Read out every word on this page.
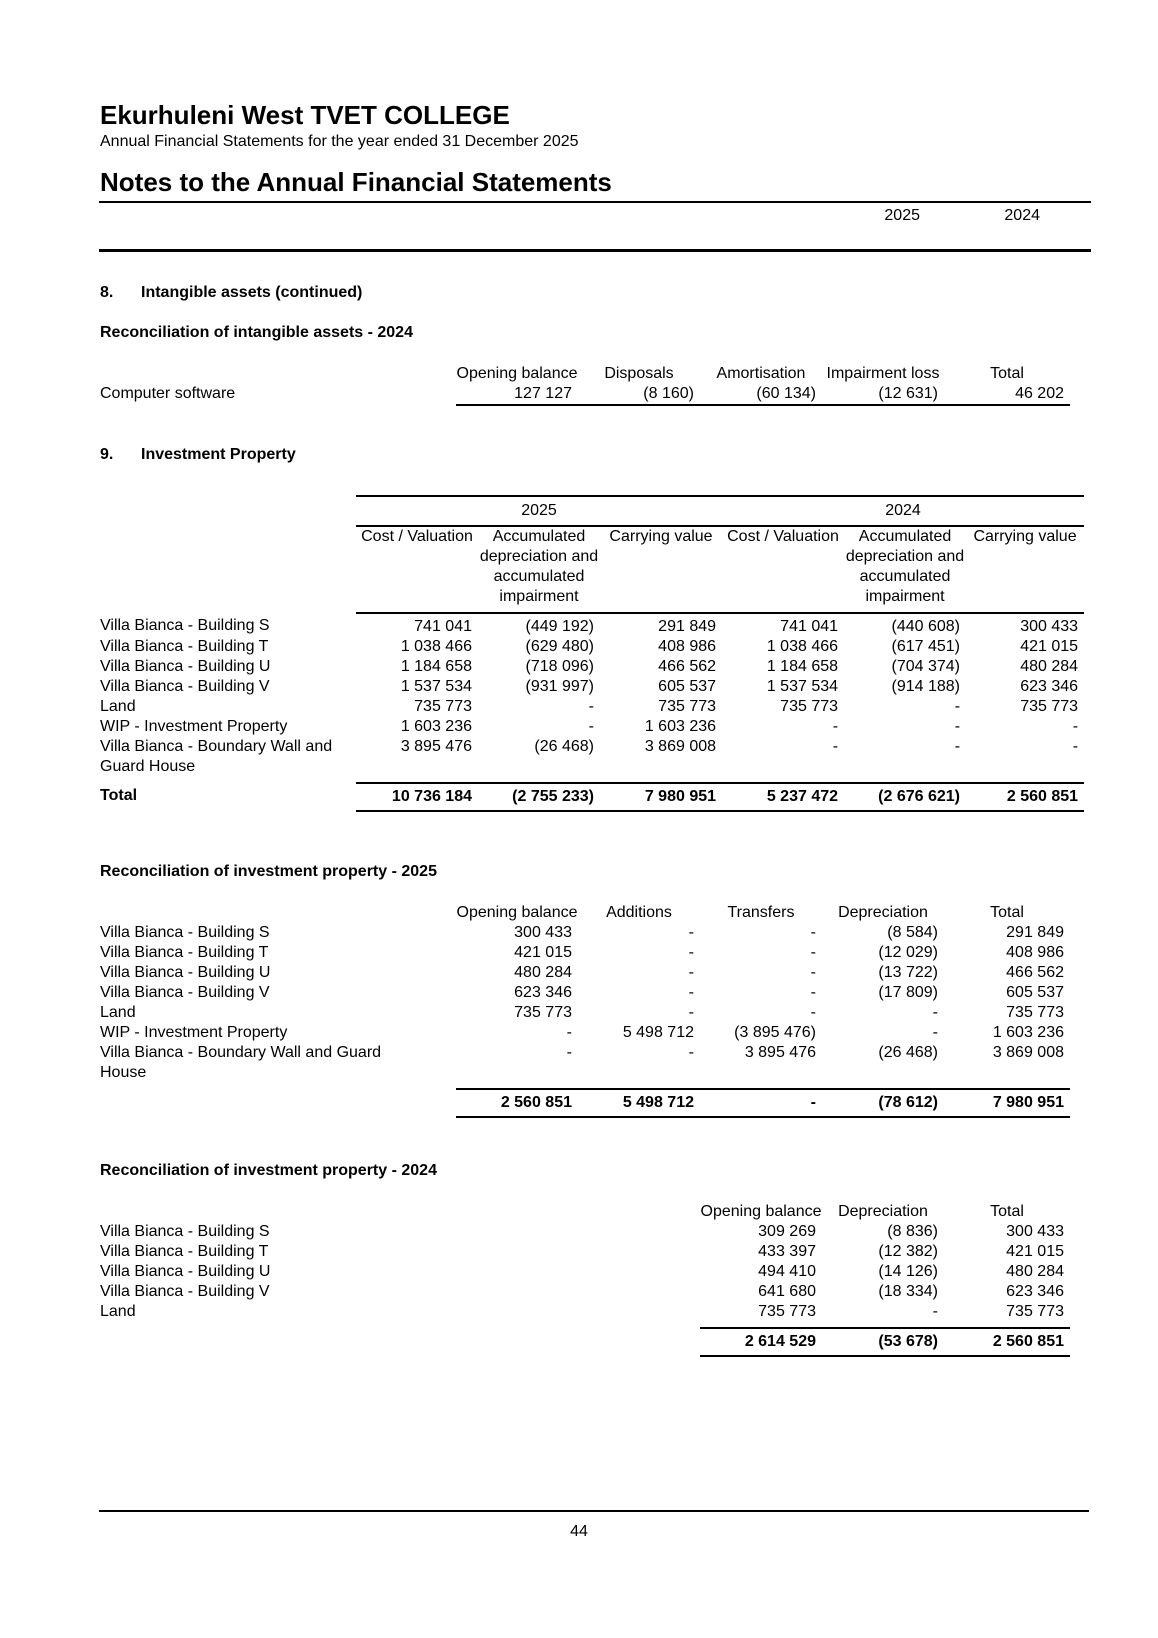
Ekurhuleni West TVET COLLEGE
Annual Financial Statements for the year ended 31 December 2025
Notes to the Annual Financial Statements
2025	2024
8. Intangible assets (continued)
Reconciliation of intangible assets - 2024
	Opening balance	Disposals	Amortisation	Impairment loss	Total
Computer software	127 127	(8 160)	(60 134)	(12 631)	46 202
9. Investment Property
	2025			2024		
	Cost / Valuation	Accumulated depreciation and accumulated impairment	Carrying value	Cost / Valuation	Accumulated depreciation and accumulated impairment	Carrying value
Villa Bianca - Building S	741 041	(449 192)	291 849	741 041	(440 608)	300 433
Villa Bianca - Building T	1 038 466	(629 480)	408 986	1 038 466	(617 451)	421 015
Villa Bianca - Building U	1 184 658	(718 096)	466 562	1 184 658	(704 374)	480 284
Villa Bianca - Building V	1 537 534	(931 997)	605 537	1 537 534	(914 188)	623 346
Land	735 773	-	735 773	735 773	-	735 773
WIP - Investment Property	1 603 236	-	1 603 236	-	-	-
Villa Bianca - Boundary Wall and Guard House	3 895 476	(26 468)	3 869 008	-	-	-
Total	10 736 184	(2 755 233)	7 980 951	5 237 472	(2 676 621)	2 560 851
Reconciliation of investment property - 2025
	Opening balance	Additions	Transfers	Depreciation	Total
Villa Bianca - Building S	300 433	-	-	(8 584)	291 849
Villa Bianca - Building T	421 015	-	-	(12 029)	408 986
Villa Bianca - Building U	480 284	-	-	(13 722)	466 562
Villa Bianca - Building V	623 346	-	-	(17 809)	605 537
Land	735 773	-	-	-	735 773
WIP - Investment Property	-	5 498 712	(3 895 476)	-	1 603 236
Villa Bianca - Boundary Wall and Guard House	-	-	3 895 476	(26 468)	3 869 008
	2 560 851	5 498 712	-	(78 612)	7 980 951
Reconciliation of investment property - 2024
	Opening balance	Depreciation	Total
Villa Bianca - Building S	309 269	(8 836)	300 433
Villa Bianca - Building T	433 397	(12 382)	421 015
Villa Bianca - Building U	494 410	(14 126)	480 284
Villa Bianca - Building V	641 680	(18 334)	623 346
Land	735 773	-	735 773
	2 614 529	(53 678)	2 560 851
44
